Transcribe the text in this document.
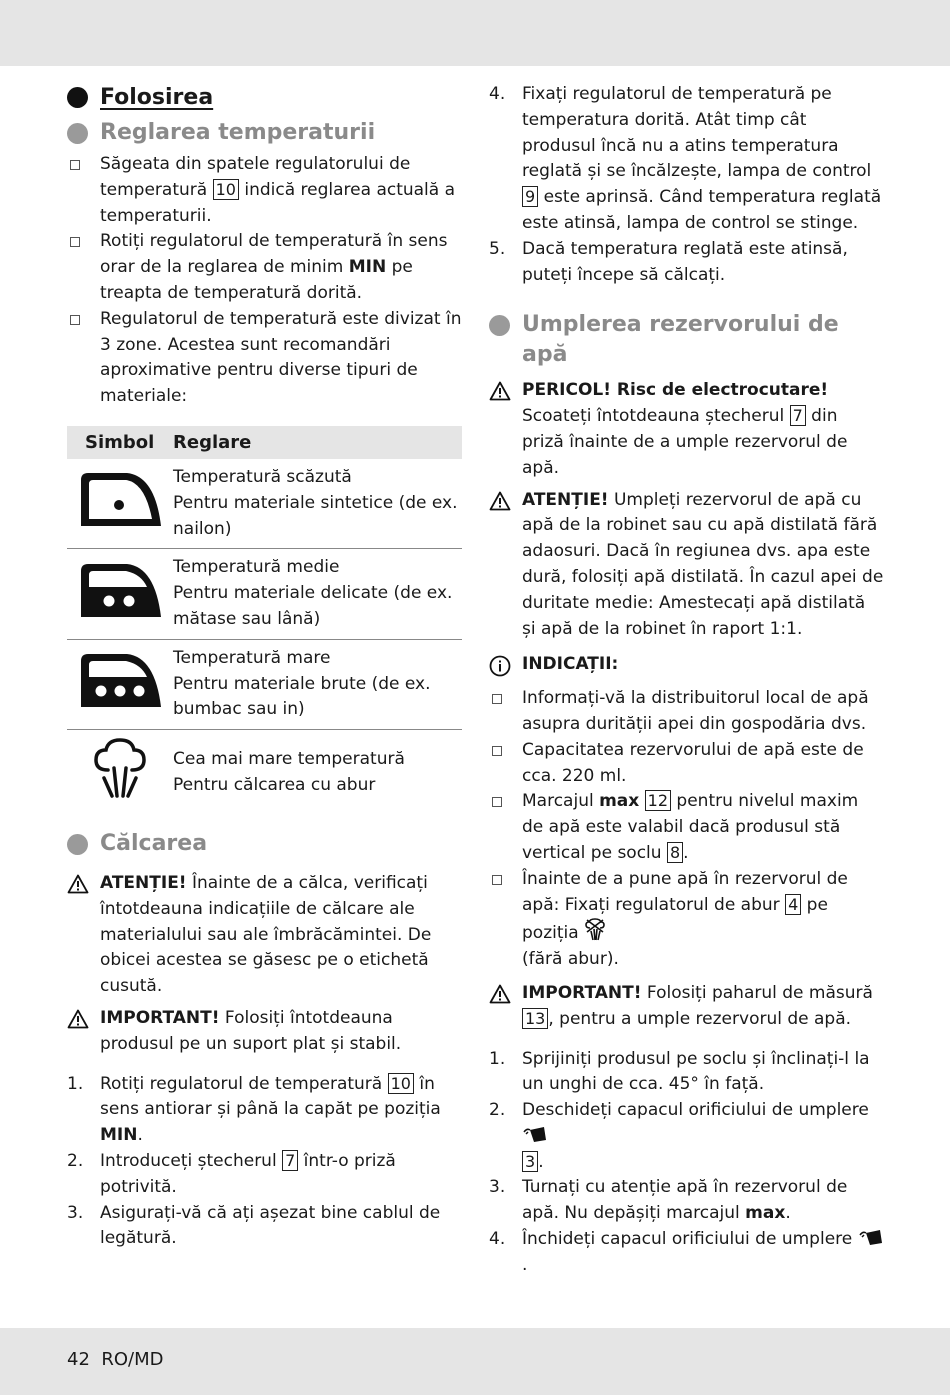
Folosirea
Reglarea temperaturii
Săgeata din spatele regulatorului de temperatură 10 indică reglarea actuală a temperaturii.
Rotiți regulatorul de temperatură în sens orar de la reglarea de minim MIN pe treapta de temperatură dorită.
Regulatorul de temperatură este divizat în 3 zone. Acestea sunt recomandări aproximative pentru diverse tipuri de materiale:
Simbol	Reglare

Temperatură scăzută
Pentru materiale sintetice (de ex. nailon)

Temperatură medie
Pentru materiale delicate (de ex. mătase sau lână)

Temperatură mare
Pentru materiale brute (de ex. bumbac sau in)

Cea mai mare temperatură
Pentru călcarea cu abur
Călcarea
ATENȚIE! Înainte de a călca, verificați întotdeauna indicațiile de călcare ale materialului sau ale îmbrăcămintei. De obicei acestea se găsesc pe o etichetă cusută.
IMPORTANT! Folosiți întotdeauna produsul pe un suport plat și stabil.
1. Rotiți regulatorul de temperatură 10 în sens antiorar și până la capăt pe poziția MIN.
2. Introduceți ștecherul 7 într-o priză potrivită.
3. Asigurați-vă că ați așezat bine cablul de legătură.
4. Fixați regulatorul de temperatură pe temperatura dorită. Atât timp cât produsul încă nu a atins temperatura reglată și se încălzește, lampa de control 9 este aprinsă. Când temperatura reglată este atinsă, lampa de control se stinge.
5. Dacă temperatura reglată este atinsă, puteți începe să călcați.
Umplerea rezervorului de apă
PERICOL! Risc de electrocutare!
Scoateți întotdeauna ștecherul 7 din priză înainte de a umple rezervorul de apă.
ATENȚIE! Umpleți rezervorul de apă cu apă de la robinet sau cu apă distilată fără adaosuri. Dacă în regiunea dvs. apa este dură, folosiți apă distilată. În cazul apei de duritate medie: Amestecați apă distilată și apă de la robinet în raport 1:1.
INDICAȚII:
Informați-vă la distribuitorul local de apă asupra durității apei din gospodăria dvs.
Capacitatea rezervorului de apă este de cca. 220 ml.
Marcajul max 12 pentru nivelul maxim de apă este valabil dacă produsul stă vertical pe soclu 8 .
Înainte de a pune apă în rezervorul de apă: Fixați regulatorul de abur 4 pe poziția
(fără abur).
IMPORTANT! Folosiți paharul de măsură 13 , pentru a umple rezervorul de apă.
1. Sprijiniți produsul pe soclu și înclinați-l la un unghi de cca. 45° în față.
2. Deschideți capacul orificiului de umplere
3 .
3. Turnați cu atenție apă în rezervorul de apă. Nu depășiți marcajul max.
4. Închideți capacul orificiului de umplere .
42 RO/MD
